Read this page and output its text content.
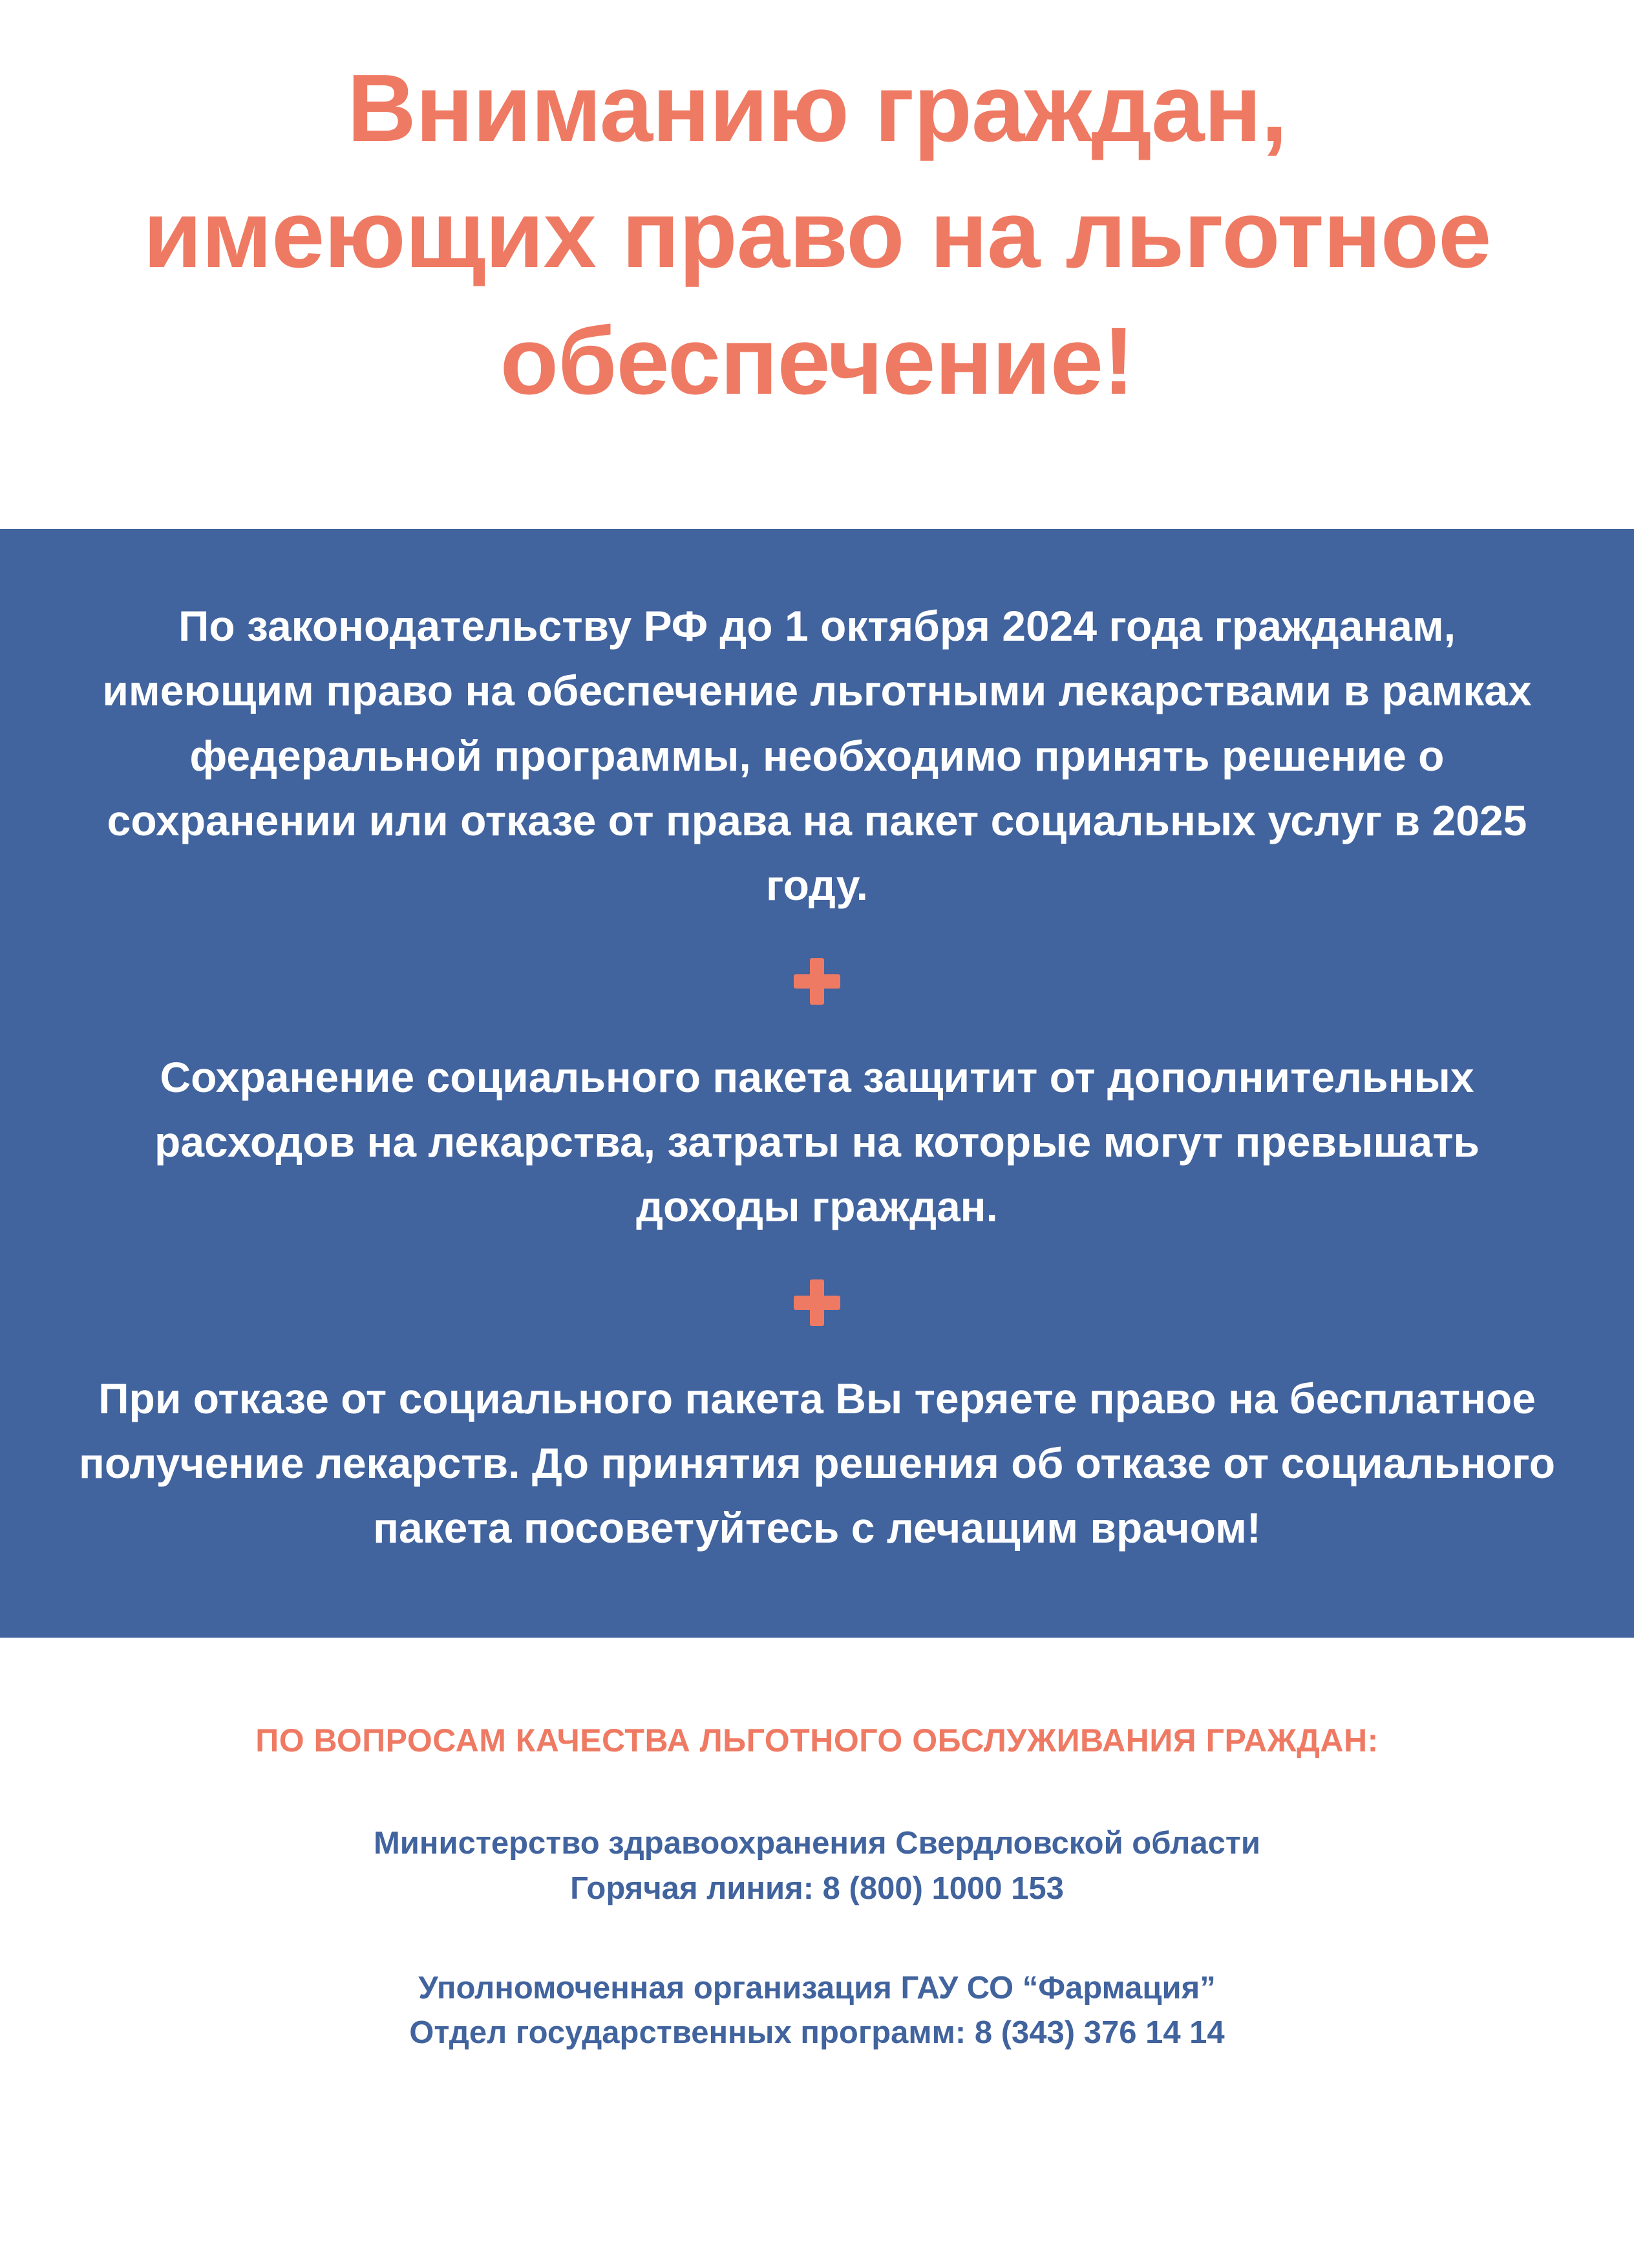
Вниманию граждан, имеющих право на льготное обеспечение!

По законодательству РФ до 1 октября 2024 года гражданам, имеющим право на обеспечение льготными лекарствами в рамках федеральной программы, необходимо принять решение о сохранении или отказе от права на пакет социальных услуг в 2025 году.

Сохранение социального пакета защитит от дополнительных расходов на лекарства, затраты на которые могут превышать доходы граждан.

При отказе от социального пакета Вы теряете право на бесплатное получение лекарств. До принятия решения об отказе от социального пакета посоветуйтесь с лечащим врачом!

ПО ВОПРОСАМ КАЧЕСТВА ЛЬГОТНОГО ОБСЛУЖИВАНИЯ ГРАЖДАН:

Министерство здравоохранения Свердловской области

Горячая линия: 8 (800) 1000 153

Уполномоченная организация ГАУ СО “Фармация”

Отдел государственных программ: 8 (343) 376 14 14
